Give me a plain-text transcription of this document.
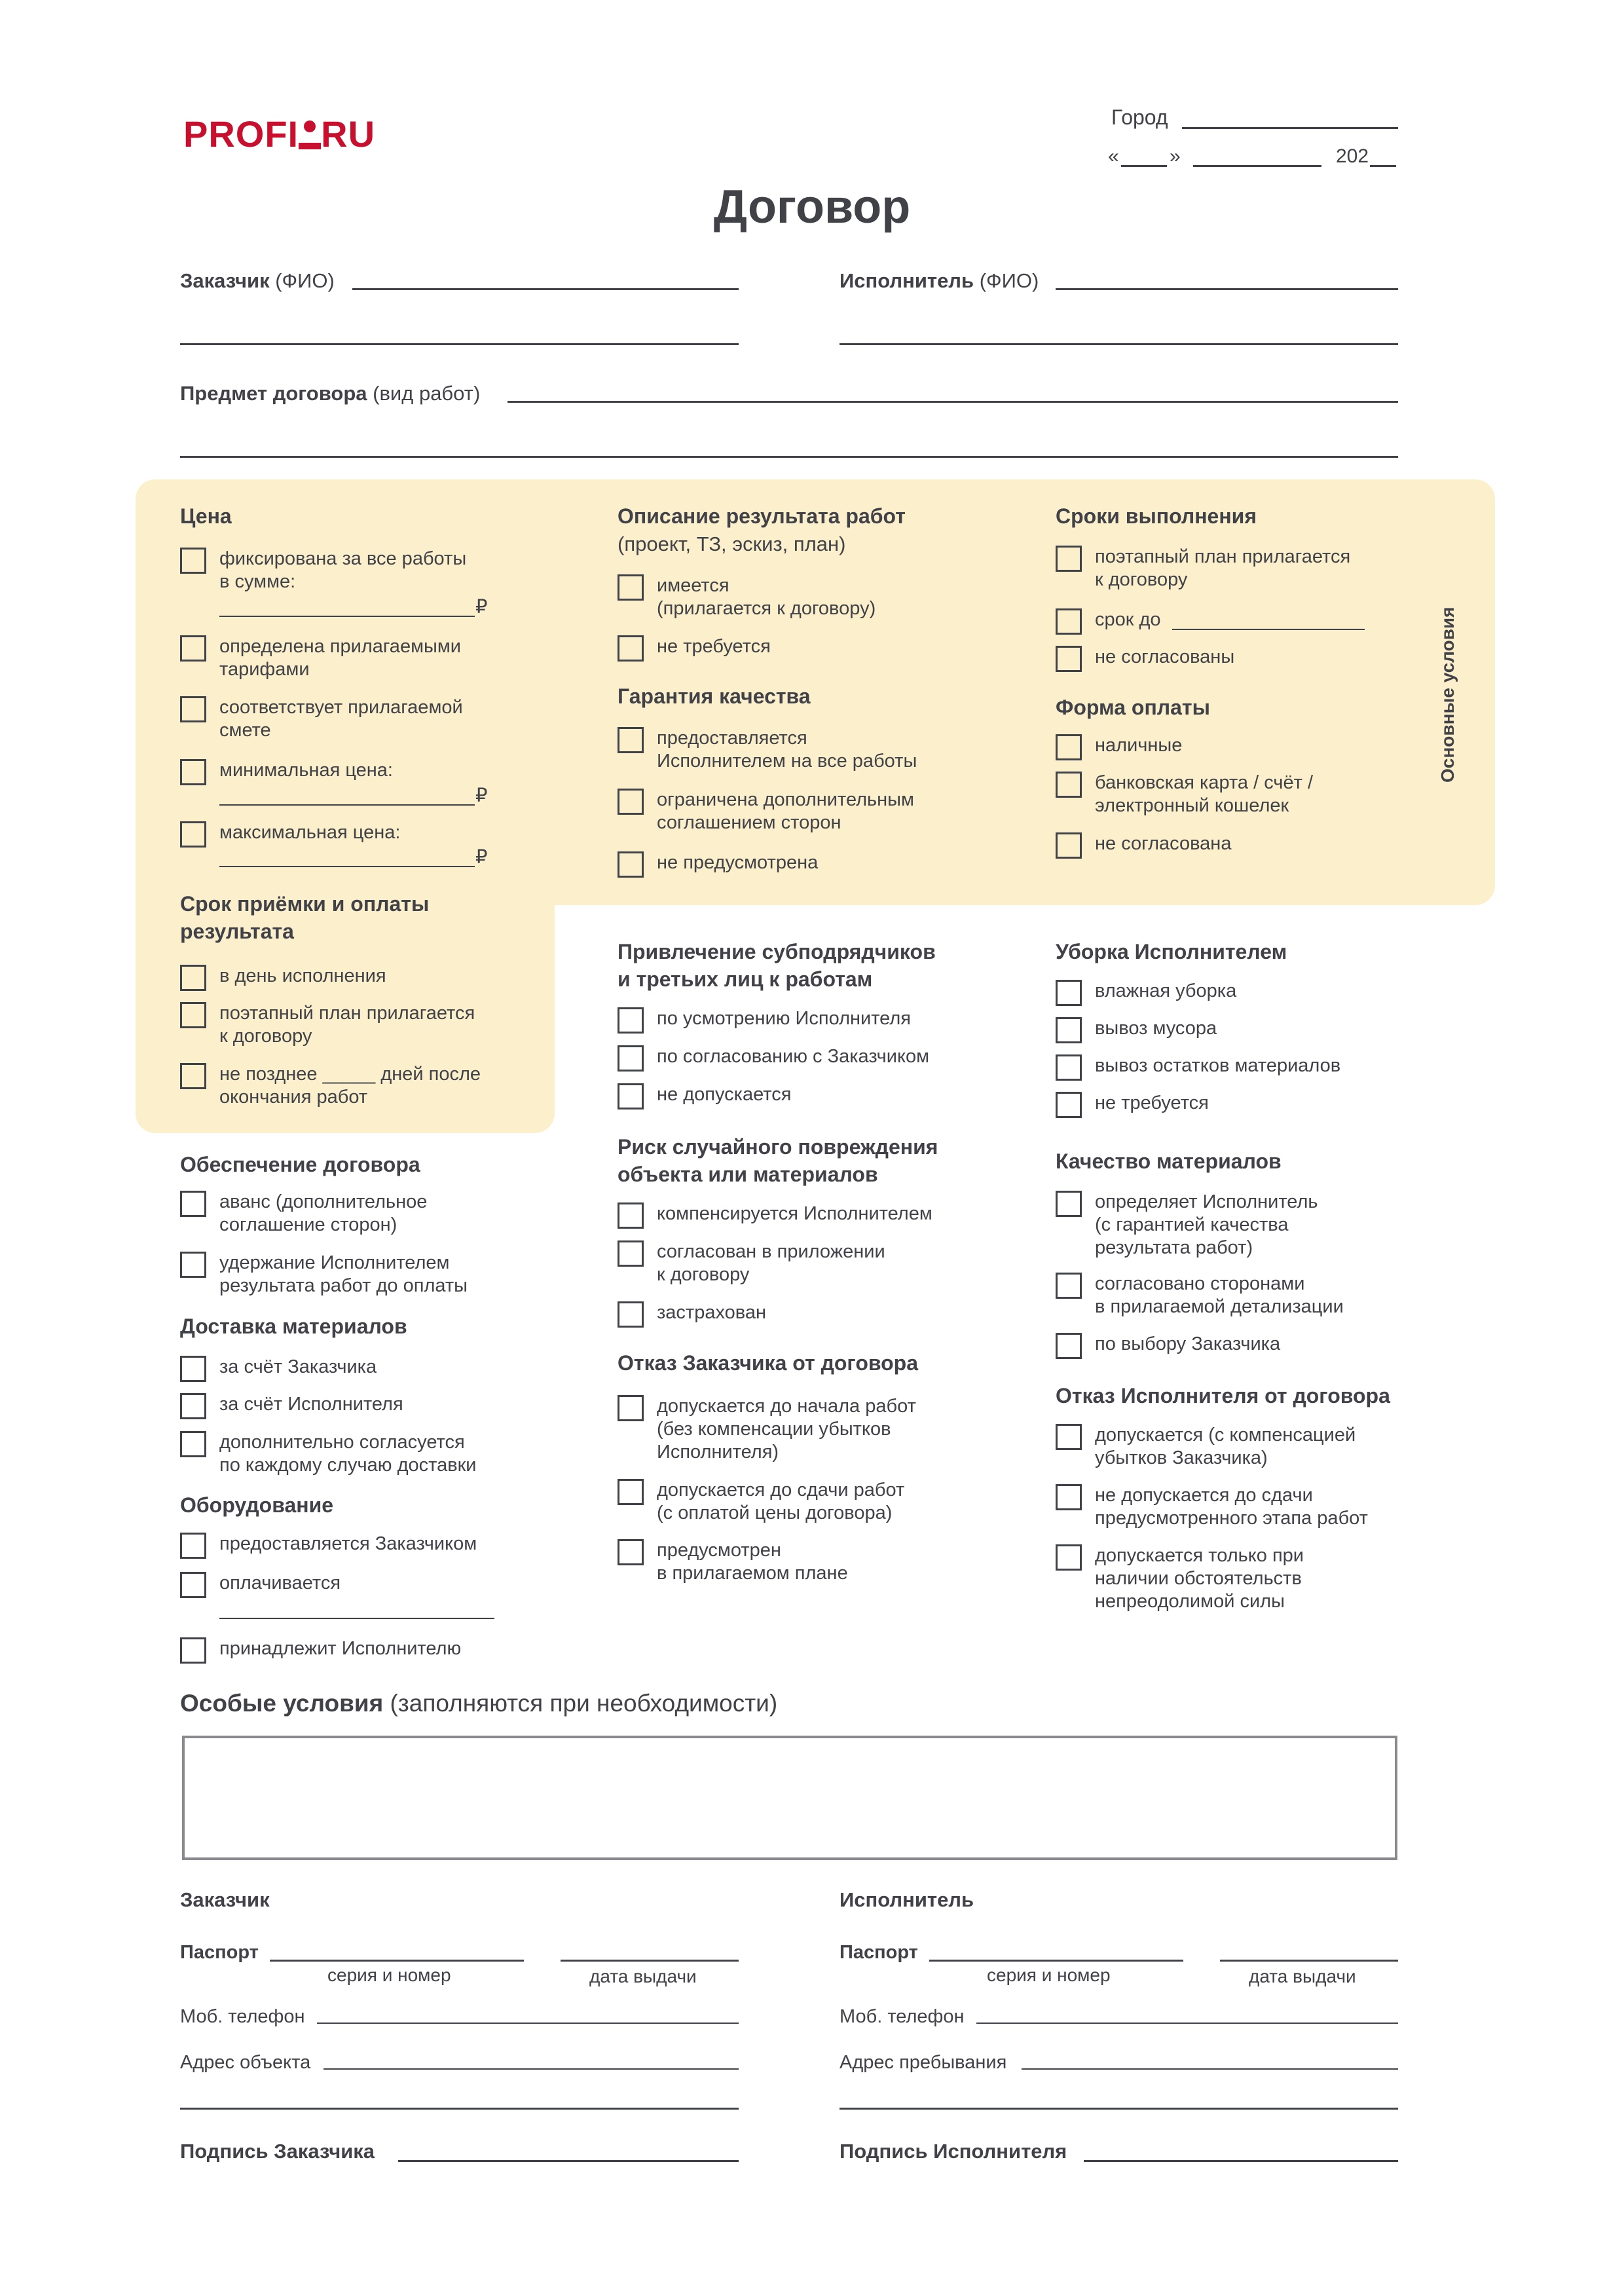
PROFI RU	Город
«	»	202
Договор
Заказчик (ФИО)	Исполнитель (ФИО)
Предмет договора (вид работ)
Основные условия
Цена
фиксирована за все работы
в сумме:
₽
определена прилагаемыми
тарифами
соответствует прилагаемой
смете
минимальная цена:
₽
максимальная цена:
₽
Срок приёмки и оплаты
результата
в день исполнения
поэтапный план прилагается
к договору
не позднее _____ дней после
окончания работ
Обеспечение договора
аванс (дополнительное
соглашение сторон)
удержание Исполнителем
результата работ до оплаты
Доставка материалов
за счёт Заказчика
за счёт Исполнителя
дополнительно согласуется
по каждому случаю доставки
Оборудование
предоставляется Заказчиком
оплачивается
принадлежит Исполнителю
Описание результата работ
(проект, ТЗ, эскиз, план)
имеется
(прилагается к договору)
не требуется
Гарантия качества
предоставляется
Исполнителем на все работы
ограничена дополнительным
соглашением сторон
не предусмотрена
Привлечение субподрядчиков
и третьих лиц к работам
по усмотрению Исполнителя
по согласованию с Заказчиком
не допускается
Риск случайного повреждения
объекта или материалов
компенсируется Исполнителем
согласован в приложении
к договору
застрахован
Отказ Заказчика от договора
допускается до начала работ
(без компенсации убытков
Исполнителя)
допускается до сдачи работ
(с оплатой цены договора)
предусмотрен
в прилагаемом плане
Сроки выполнения
поэтапный план прилагается
к договору
срок до
не согласованы
Форма оплаты
наличные
банковская карта / счёт /
электронный кошелек
не согласована
Уборка Исполнителем
влажная уборка
вывоз мусора
вывоз остатков материалов
не требуется
Качество материалов
определяет Исполнитель
(с гарантией качества
результата работ)
согласовано сторонами
в прилагаемой детализации
по выбору Заказчика
Отказ Исполнителя от договора
допускается (с компенсацией
убытков Заказчика)
не допускается до сдачи
предусмотренного этапа работ
допускается только при
наличии обстоятельств
непреодолимой силы
Особые условия (заполняются при необходимости)
Заказчик
Паспорт
серия и номер	дата выдачи
Моб. телефон
Адрес объекта
Подпись Заказчика
Исполнитель
Паспорт
серия и номер	дата выдачи
Моб. телефон
Адрес пребывания
Подпись Исполнителя
